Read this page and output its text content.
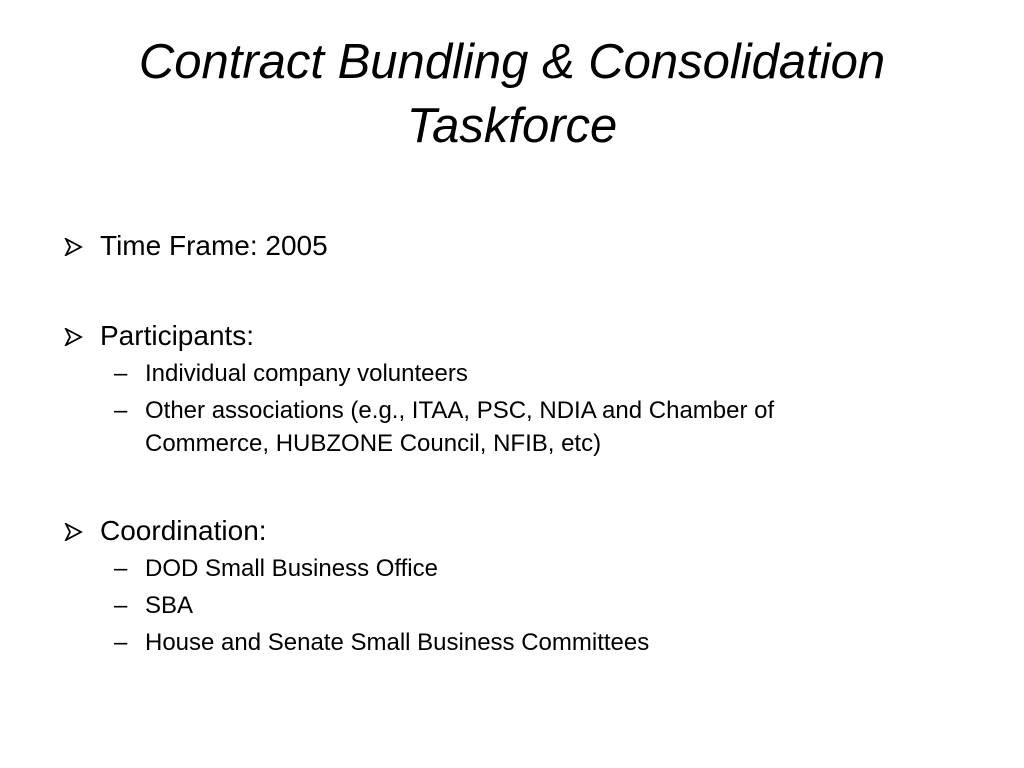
Contract Bundling & Consolidation
Taskforce
Time Frame: 2005
Participants:
– Individual company volunteers
– Other associations (e.g., ITAA, PSC, NDIA and Chamber of
Commerce, HUBZONE Council, NFIB, etc)
Coordination:
– DOD Small Business Office
– SBA
– House and Senate Small Business Committees
